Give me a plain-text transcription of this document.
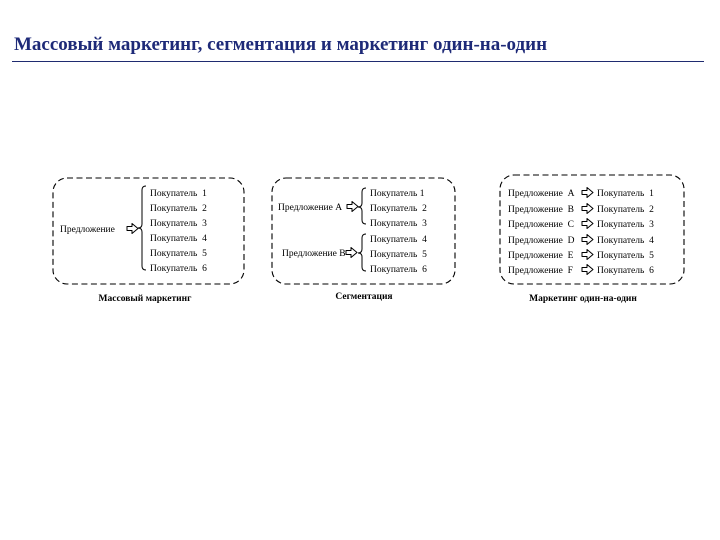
Массовый маркетинг, сегментация и маркетинг один-на-один
Предложение
Покупатель  1
Покупатель  2
Покупатель  3
Покупатель  4
Покупатель  5
Покупатель  6
Массовый маркетинг
Предложение А
Предложение В
Покупатель 1
Покупатель  2
Покупатель  3
Покупатель  4
Покупатель  5
Покупатель  6
Сегментация
Предложение  А Покупатель  1
Предложение  В Покупатель  2
Предложение  С Покупатель  3
Предложение  D Покупатель  4
Предложение  Е Покупатель  5
Предложение  F	Покупатель  6
Маркетинг один-на-один
